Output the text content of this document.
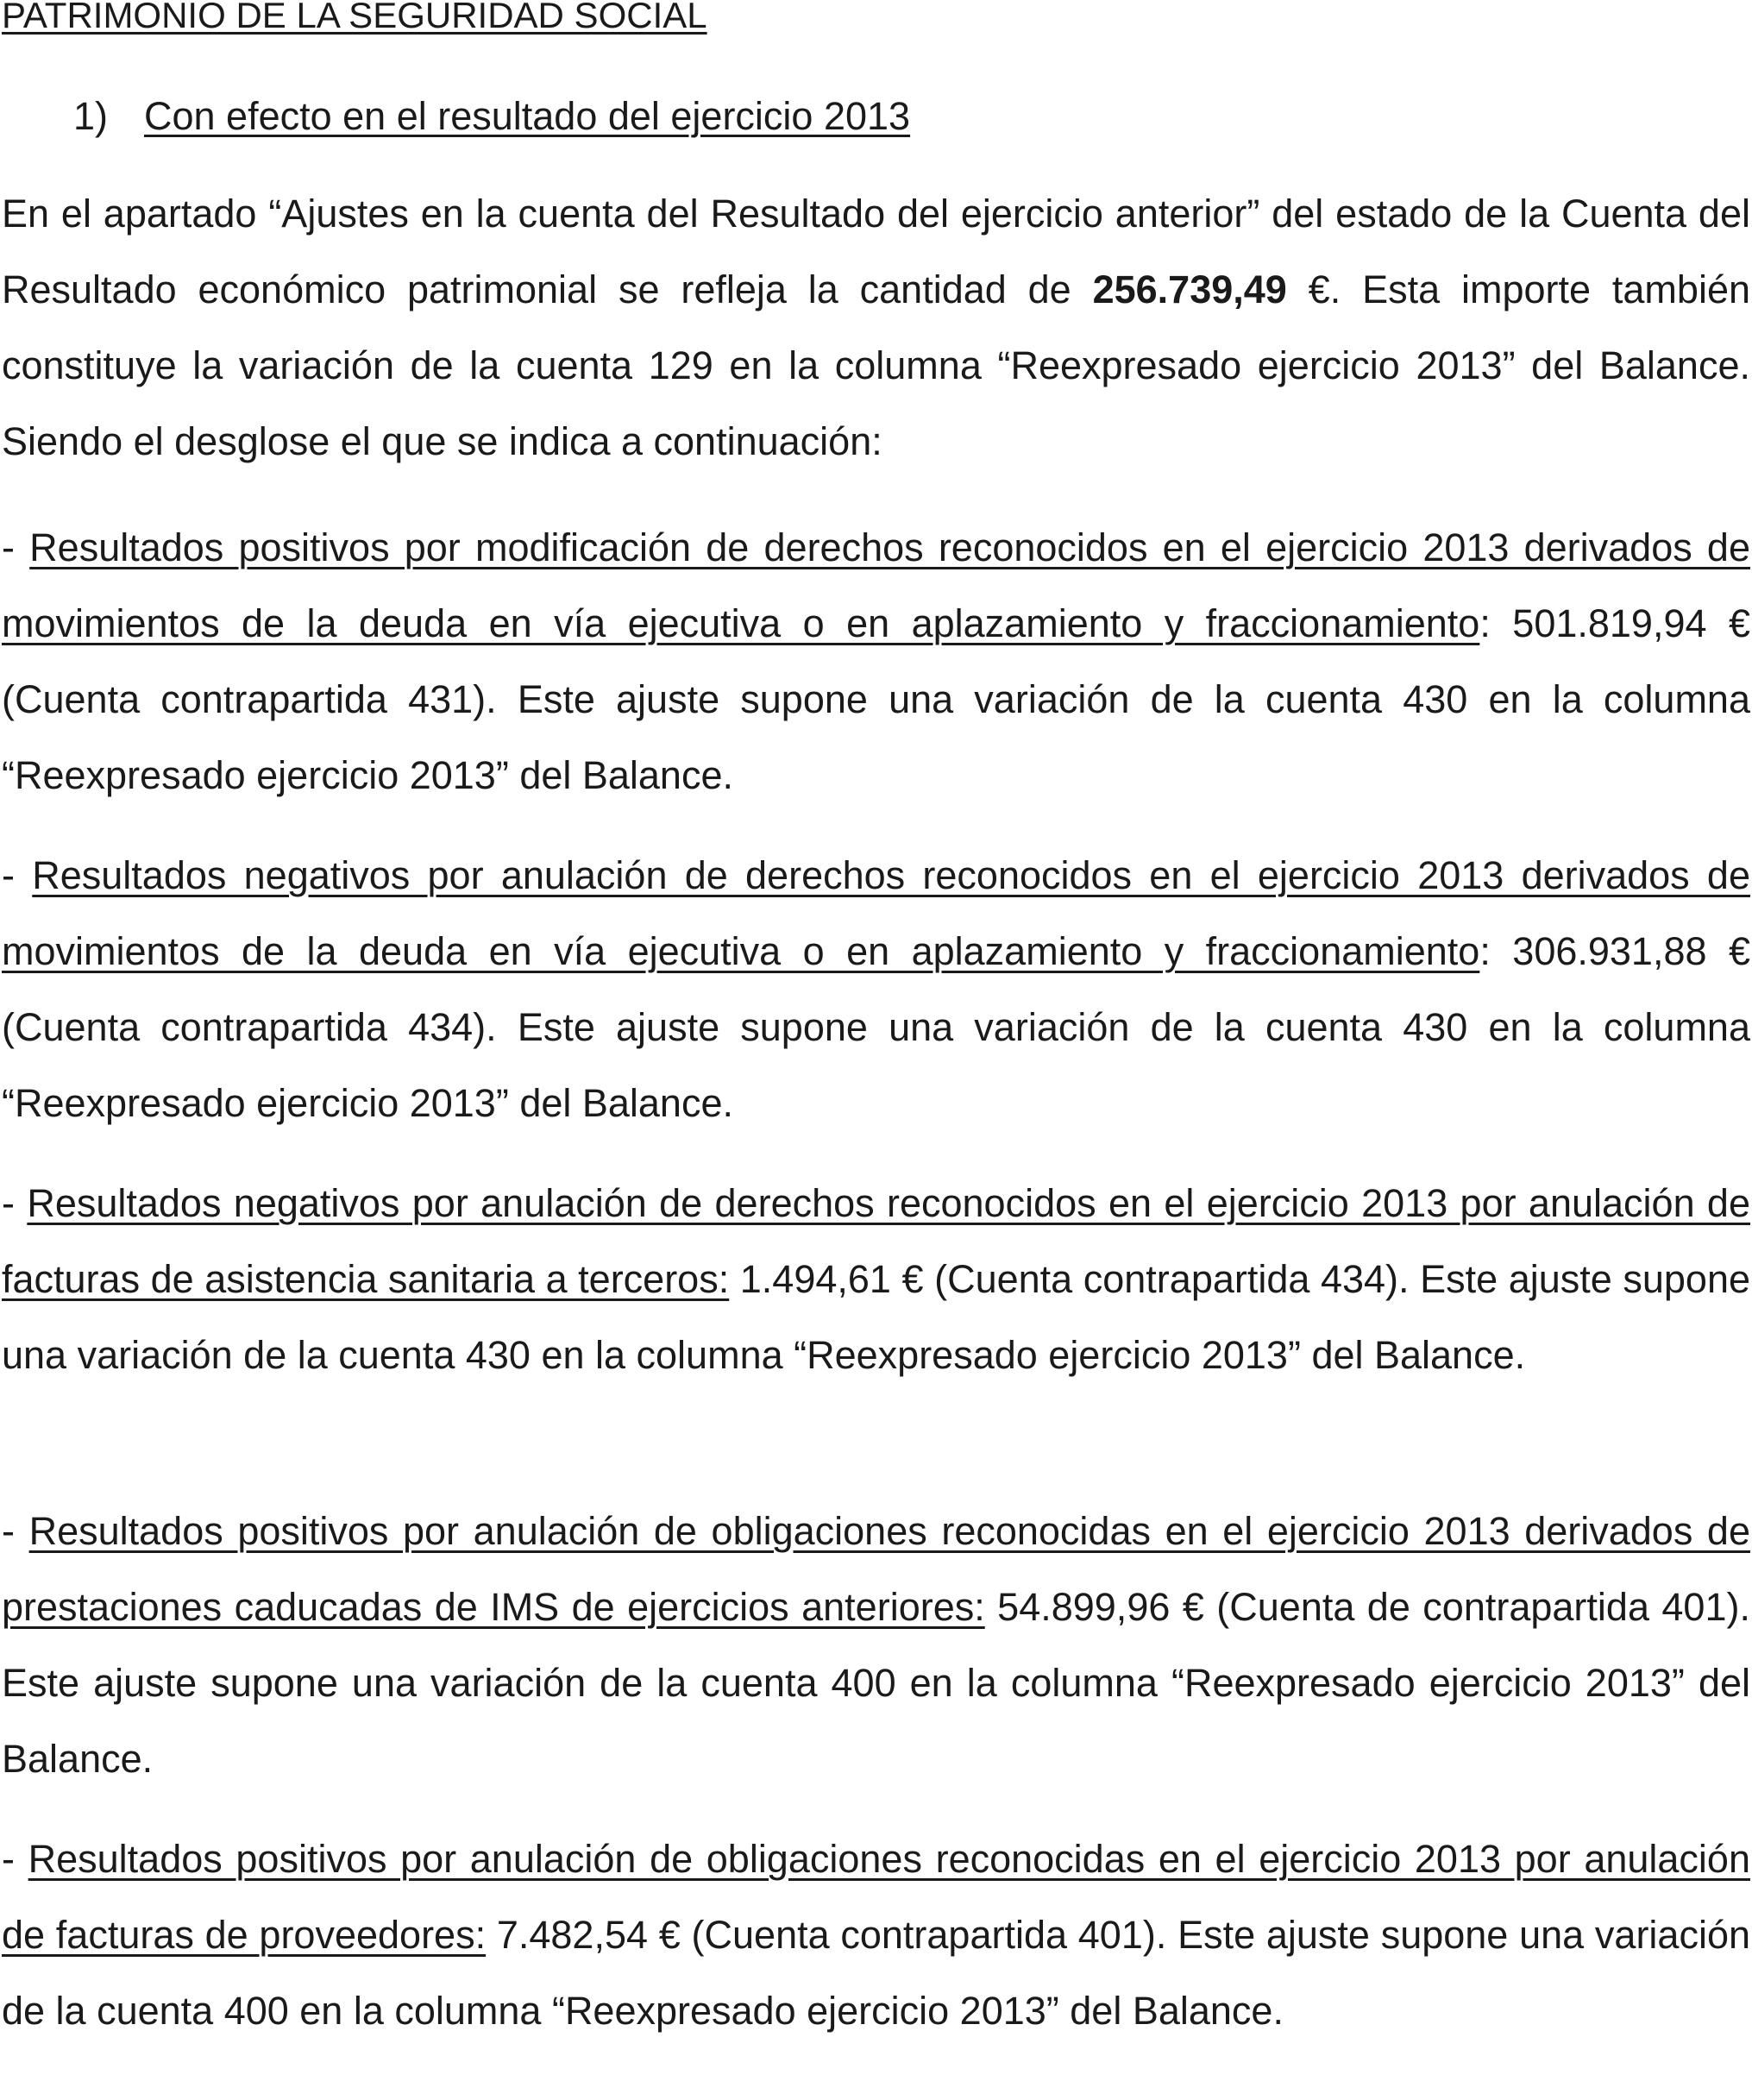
PATRIMONIO DE LA SEGURIDAD SOCIAL
1) Con efecto en el resultado del ejercicio 2013

En el apartado “Ajustes en la cuenta del Resultado del ejercicio anterior” del estado de la Cuenta del Resultado económico patrimonial se refleja la cantidad de 256.739,49 €. Esta importe también constituye la variación de la cuenta 129 en la columna “Reexpresado ejercicio 2013” del Balance. Siendo el desglose el que se indica a continuación:

- Resultados positivos por modificación de derechos reconocidos en el ejercicio 2013 derivados de movimientos de la deuda en vía ejecutiva o en aplazamiento y fraccionamiento: 501.819,94 € (Cuenta contrapartida 431). Este ajuste supone una variación de la cuenta 430 en la columna “Reexpresado ejercicio 2013” del Balance.

- Resultados negativos por anulación de derechos reconocidos en el ejercicio 2013 derivados de movimientos de la deuda en vía ejecutiva o en aplazamiento y fraccionamiento: 306.931,88 € (Cuenta contrapartida 434). Este ajuste supone una variación de la cuenta 430 en la columna “Reexpresado ejercicio 2013” del Balance.

- Resultados negativos por anulación de derechos reconocidos en el ejercicio 2013 por anulación de facturas de asistencia sanitaria a terceros: 1.494,61 € (Cuenta contrapartida 434). Este ajuste supone una variación de la cuenta 430 en la columna “Reexpresado ejercicio 2013” del Balance.

- Resultados positivos por anulación de obligaciones reconocidas en el ejercicio 2013 derivados de prestaciones caducadas de IMS de ejercicios anteriores: 54.899,96 € (Cuenta de contrapartida 401). Este ajuste supone una variación de la cuenta 400 en la columna “Reexpresado ejercicio 2013” del Balance.

- Resultados positivos por anulación de obligaciones reconocidas en el ejercicio 2013 por anulación de facturas de proveedores: 7.482,54 € (Cuenta contrapartida 401). Este ajuste supone una variación de la cuenta 400 en la columna “Reexpresado ejercicio 2013” del Balance.
